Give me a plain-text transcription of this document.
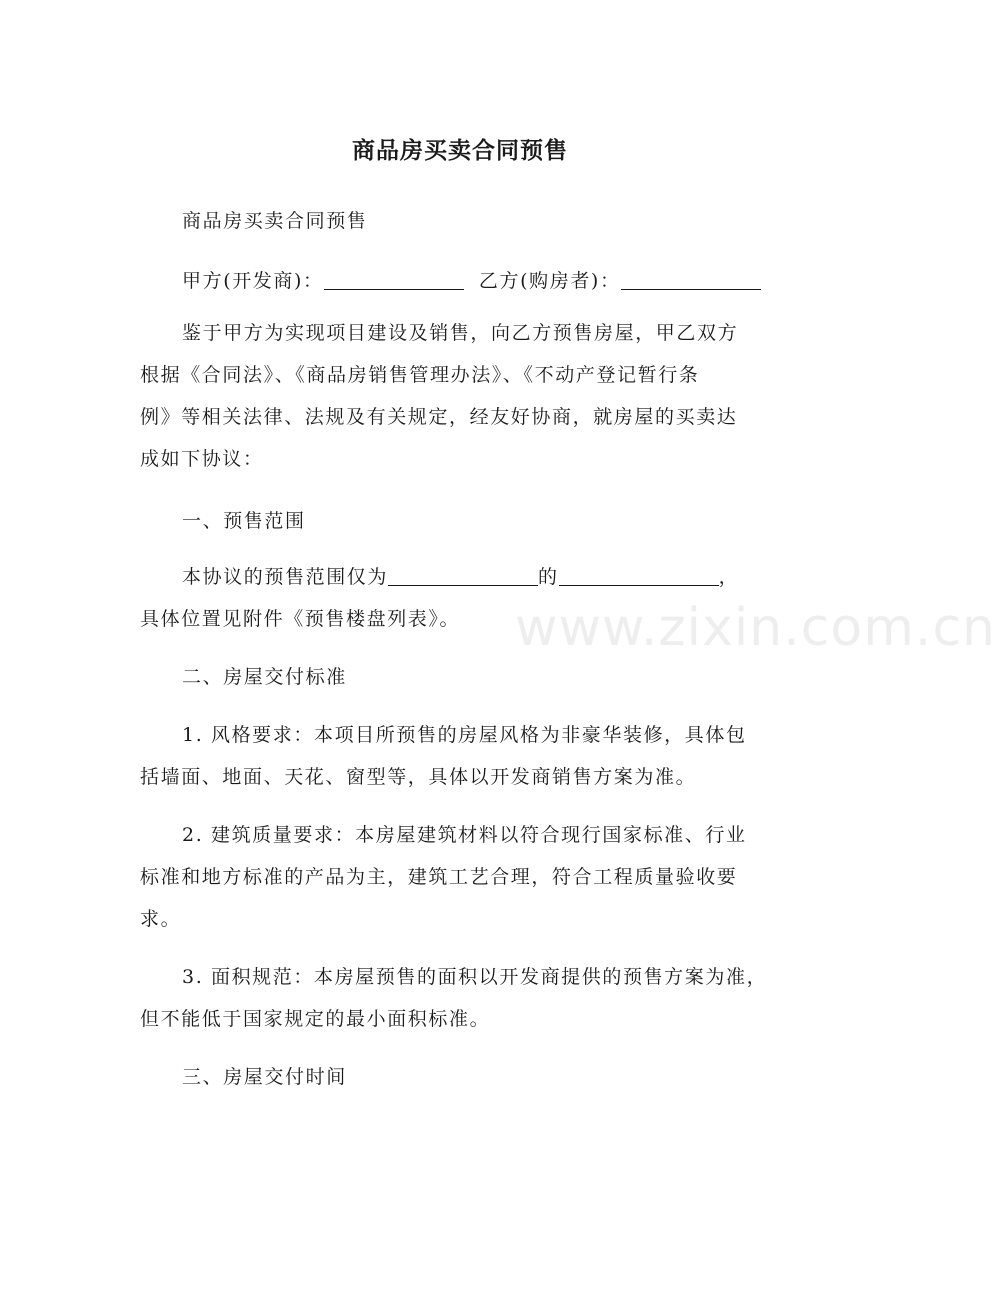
商品房买卖合同预售
商品房买卖合同预售
甲方(开发商)：	乙方(购房者)：
鉴于甲方为实现项目建设及销售，向乙方预售房屋，甲乙双方
根据《合同法》、《商品房销售管理办法》、《不动产登记暂行条
例》等相关法律、法规及有关规定，经友好协商，就房屋的买卖达
成如下协议：
一、预售范围
本协议的预售范围仅为	的	，
具体位置见附件《预售楼盘列表》。
二、房屋交付标准
1. 风格要求：本项目所预售的房屋风格为非豪华装修，具体包
括墙面、地面、天花、窗型等，具体以开发商销售方案为准。
2. 建筑质量要求：本房屋建筑材料以符合现行国家标准、行业
标准和地方标准的产品为主，建筑工艺合理，符合工程质量验收要
求。
3. 面积规范：本房屋预售的面积以开发商提供的预售方案为准，
但不能低于国家规定的最小面积标准。
三、房屋交付时间
www.zixin.com.cn
